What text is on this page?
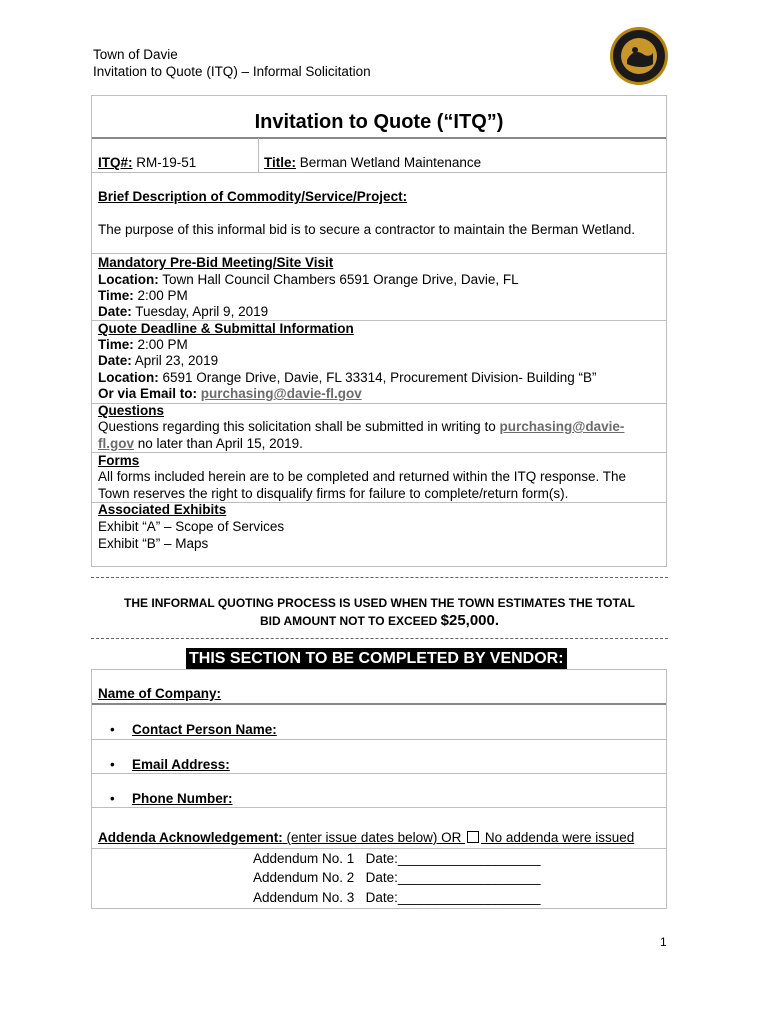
Town of Davie
Invitation to Quote (ITQ) – Informal Solicitation
Invitation to Quote (“ITQ”)
ITQ#: RM-19-51	Title: Berman Wetland Maintenance
Brief Description of Commodity/Service/Project:
The purpose of this informal bid is to secure a contractor to maintain the Berman Wetland.
Mandatory Pre-Bid Meeting/Site Visit
Location: Town Hall Council Chambers 6591 Orange Drive, Davie, FL
Time: 2:00 PM
Date: Tuesday, April 9, 2019
Quote Deadline & Submittal Information
Time: 2:00 PM
Date: April 23, 2019
Location: 6591 Orange Drive, Davie, FL 33314, Procurement Division- Building “B”
Or via Email to: purchasing@davie-fl.gov
Questions
Questions regarding this solicitation shall be submitted in writing to purchasing@davie-
fl.gov no later than April 15, 2019.
Forms
All forms included herein are to be completed and returned within the ITQ response. The
Town reserves the right to disqualify firms for failure to complete/return form(s).
Associated Exhibits
Exhibit “A” – Scope of Services
Exhibit “B” – Maps
THE INFORMAL QUOTING PROCESS IS USED WHEN THE TOWN ESTIMATES THE TOTAL
BID AMOUNT NOT TO EXCEED $25,000.
THIS SECTION TO BE COMPLETED BY VENDOR:
Name of Company:
• Contact Person Name:
• Email Address:
• Phone Number:
Addenda Acknowledgement: (enter issue dates below) OR  No addenda were issued
Addendum No. 1 Date:___________________
Addendum No. 2 Date:___________________
Addendum No. 3 Date:___________________
1
